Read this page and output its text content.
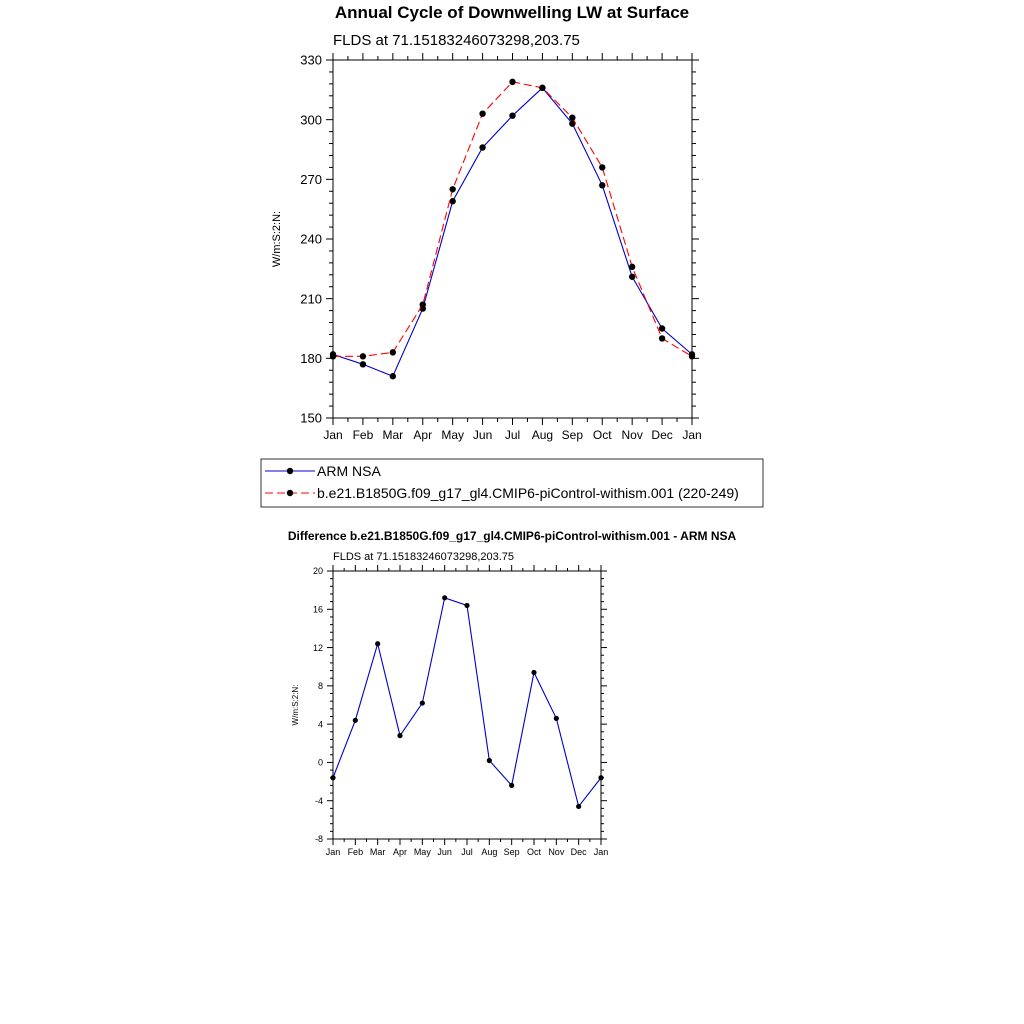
Annual Cycle of Downwelling LW at Surface
FLDS at 71.15183246073298,203.75
Jan Feb Mar Apr May Jun Jul Aug Sep Oct Nov Dec Jan
150
180
210
240
270
300
330
W/m:S:2:N:
ARM NSA
b.e21.B1850G.f09_g17_gl4.CMIP6-piControl-withism.001 (220-249)
Difference b.e21.B1850G.f09_g17_gl4.CMIP6-piControl-withism.001 - ARM NSA
FLDS at 71.15183246073298,203.75
Jan Feb Mar Apr May Jun Jul Aug Sep Oct Nov Dec Jan
-8
-4
0
4
8
12
16
20
W/m:S:2:N:
